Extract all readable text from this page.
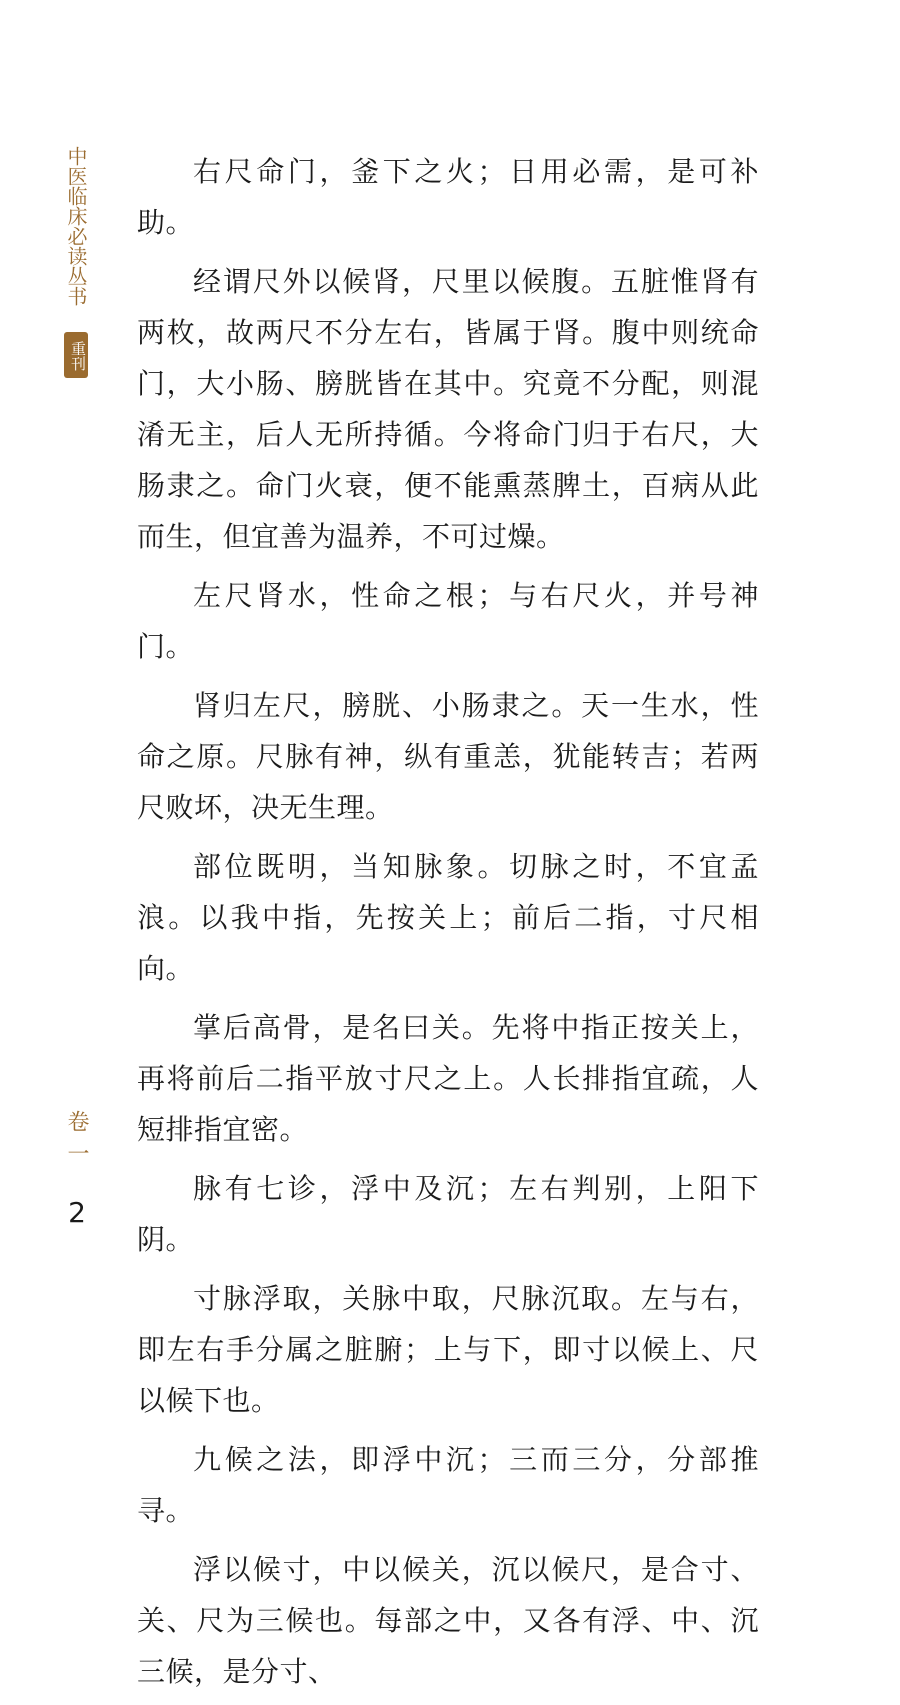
中医临床必读丛书
重刊

右尺命门，釜下之火；日用必需，是可补助。

经谓尺外以候肾，尺里以候腹。五脏惟肾有两枚，故两尺不分左右，皆属于肾。腹中则统命门，大小肠、膀胱皆在其中。究竟不分配，则混淆无主，后人无所持循。今将命门归于右尺，大肠隶之。命门火衰，便不能熏蒸脾土，百病从此而生，但宜善为温养，不可过燥。

左尺肾水，性命之根；与右尺火，并号神门。

肾归左尺，膀胱、小肠隶之。天一生水，性命之原。尺脉有神，纵有重恙，犹能转吉；若两尺败坏，决无生理。

部位既明，当知脉象。切脉之时，不宜孟浪。以我中指，先按关上；前后二指，寸尺相向。

掌后高骨，是名曰关。先将中指正按关上，再将前后二指平放寸尺之上。人长排指宜疏，人短排指宜密。

脉有七诊，浮中及沉；左右判别，上阳下阴。

寸脉浮取，关脉中取，尺脉沉取。左与右，即左右手分属之脏腑；上与下，即寸以候上、尺以候下也。

九候之法，即浮中沉；三而三分，分部推寻。

浮以候寸，中以候关，沉以候尺，是合寸、关、尺为三候也。每部之中，又各有浮、中、沉三候，是分寸、

卷一
2
